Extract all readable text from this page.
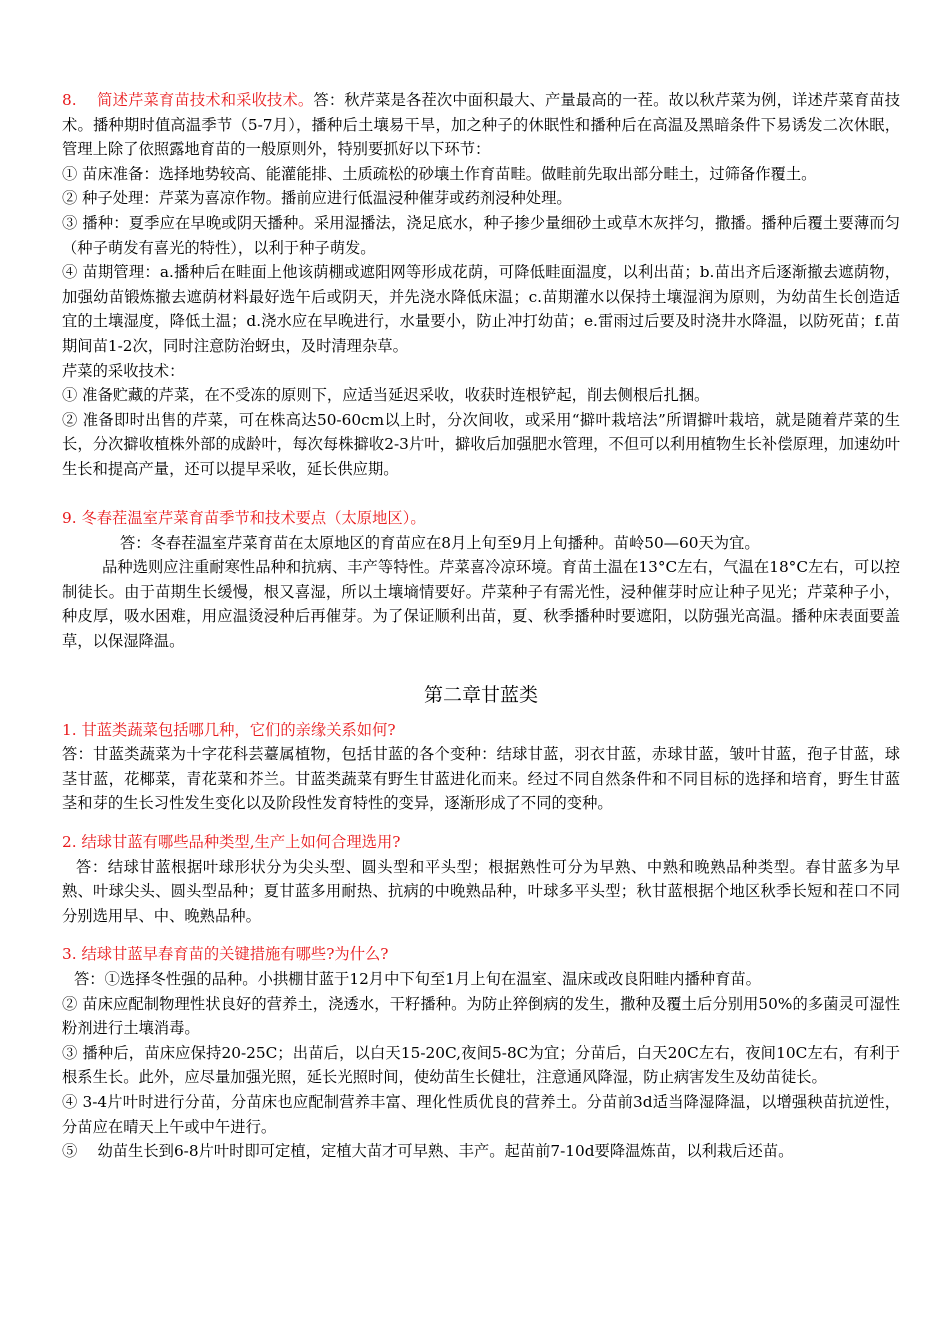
8.　 简述芹菜育苗技术和采收技术。答：秋芹菜是各茬次中面积最大、产量最高的一茬。故以秋芹菜为例，详述芹菜育苗技术。播种期时值高温季节（5-7月），播种后土壤易干旱，加之种子的休眠性和播种后在高温及黑暗条件下易诱发二次休眠，管理上除了依照露地育苗的一般原则外，特别要抓好以下环节：

① 苗床准备：选择地势较高、能灌能排、土质疏松的砂壤土作育苗畦。做畦前先取出部分畦土，过筛备作覆土。

② 种子处理：芹菜为喜凉作物。播前应进行低温浸种催芽或药剂浸种处理。

③ 播种：夏季应在早晚或阴天播种。采用湿播法，浇足底水，种子掺少量细砂土或草木灰拌匀，撒播。播种后覆土要薄而匀（种子萌发有喜光的特性），以利于种子萌发。

④ 苗期管理：a.播种后在畦面上他该荫棚或遮阳网等形成花荫，可降低畦面温度，以利出苗；b.苗出齐后逐渐撤去遮荫物，加强幼苗锻炼撤去遮荫材料最好选午后或阴天，并先浇水降低床温；c.苗期灌水以保持土壤湿润为原则，为幼苗生长创造适宜的土壤湿度，降低土温；d.浇水应在早晚进行，水量要小，防止冲打幼苗；e.雷雨过后要及时浇井水降温，以防死苗；f.苗期间苗1-2次，同时注意防治蚜虫，及时清理杂草。

芹菜的采收技术：

① 准备贮藏的芹菜，在不受冻的原则下，应适当延迟采收，收获时连根铲起，削去侧根后扎捆。

② 准备即时出售的芹菜，可在株高达50-60cm以上时，分次间收，或采用“擗叶栽培法”所谓擗叶栽培，就是随着芹菜的生长，分次擗收植株外部的成龄叶，每次每株擗收2-3片叶，擗收后加强肥水管理，不但可以利用植物生长补偿原理，加速幼叶生长和提高产量，还可以提早采收，延长供应期。

9. 冬春茬温室芹菜育苗季节和技术要点（太原地区）。

答：冬春茬温室芹菜育苗在太原地区的育苗应在8月上旬至9月上旬播种。苗岭50—60天为宜。

品种选则应注重耐寒性品种和抗病、丰产等特性。芹菜喜冷凉环境。育苗土温在13°C左右，气温在18°C左右，可以控制徒长。由于苗期生长缓慢，根又喜湿，所以土壤墒情要好。芹菜种子有需光性，浸种催芽时应让种子见光；芹菜种子小，种皮厚，吸水困难，用应温烫浸种后再催芽。为了保证顺利出苗，夏、秋季播种时要遮阳，以防强光高温。播种床表面要盖草，以保湿降温。

第二章甘蓝类

1. 甘蓝类蔬菜包括哪几种，它们的亲缘关系如何?

答：甘蓝类蔬菜为十字花科芸薹属植物，包括甘蓝的各个变种：结球甘蓝，羽衣甘蓝，赤球甘蓝，皱叶甘蓝，孢子甘蓝，球茎甘蓝，花椰菜，青花菜和芥兰。甘蓝类蔬菜有野生甘蓝进化而来。经过不同自然条件和不同目标的选择和培育，野生甘蓝茎和芽的生长习性发生变化以及阶段性发育特性的变异，逐渐形成了不同的变种。

2. 结球甘蓝有哪些品种类型,生产上如何合理选用?

答：结球甘蓝根据叶球形状分为尖头型、圆头型和平头型；根据熟性可分为早熟、中熟和晚熟品种类型。春甘蓝多为早熟、叶球尖头、圆头型品种；夏甘蓝多用耐热、抗病的中晚熟品种，叶球多平头型；秋甘蓝根据个地区秋季长短和茬口不同分别选用早、中、晚熟品种。

3. 结球甘蓝早春育苗的关键措施有哪些?为什么?

答：①选择冬性强的品种。小拱棚甘蓝于12月中下旬至1月上旬在温室、温床或改良阳畦内播种育苗。

② 苗床应配制物理性状良好的营养土，浇透水，干籽播种。为防止猝倒病的发生，撒种及覆土后分别用50%的多菌灵可湿性粉剂进行土壤消毒。

③ 播种后，苗床应保持20-25C；出苗后，以白天15-20C,夜间5-8C为宜；分苗后，白天20C左右，夜间10C左右，有利于根系生长。此外，应尽量加强光照，延长光照时间，使幼苗生长健壮，注意通风降湿，防止病害发生及幼苗徒长。

④ 3-4片叶时进行分苗，分苗床也应配制营养丰富、理化性质优良的营养土。分苗前3d适当降湿降温，以增强秧苗抗逆性，分苗应在晴天上午或中午进行。

⑤　 幼苗生长到6-8片叶时即可定植，定植大苗才可早熟、丰产。起苗前7-10d要降温炼苗，以利栽后还苗。
